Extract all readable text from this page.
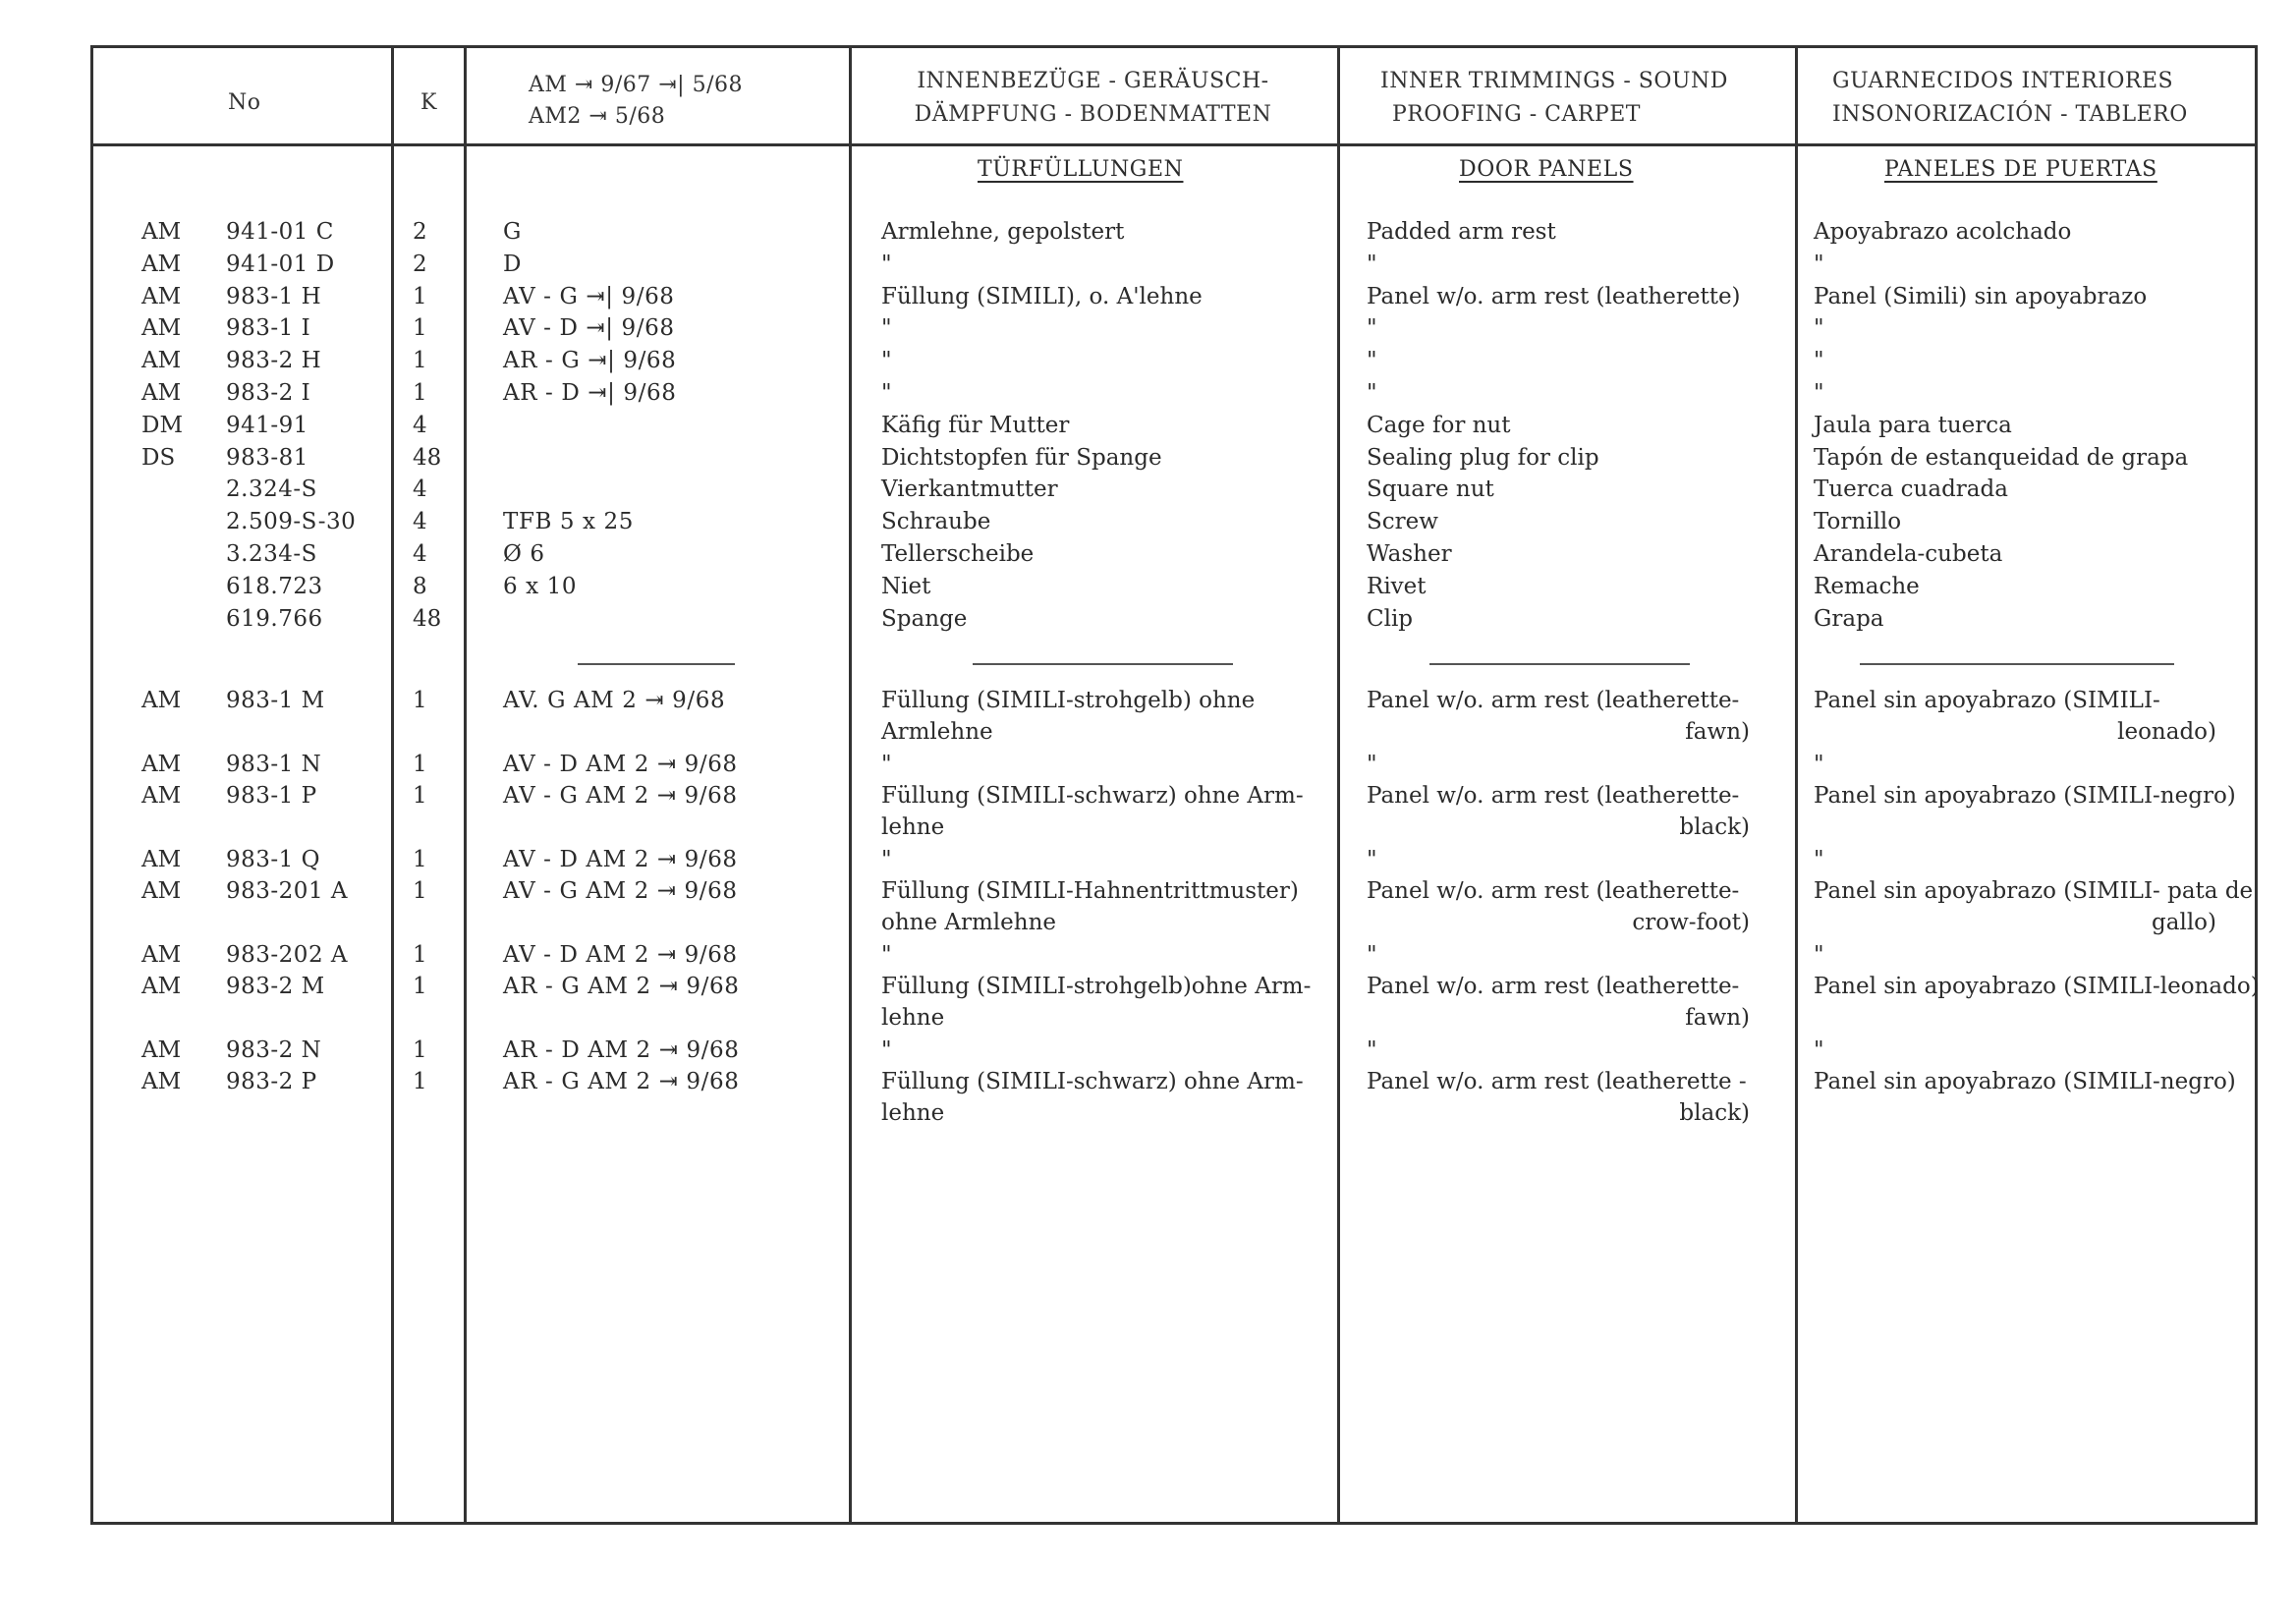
No	K
AM ⇥ 9/67 ⇥| 5/68
AM2 ⇥ 5/68
INNENBEZÜGE - GERÄUSCH-
DÄMPFUNG - BODENMATTEN
INNER TRIMMINGS - SOUND
PROOFING - CARPET
GUARNECIDOS INTERIORES
INSONORIZACIÓN - TABLERO
TÜRFÜLLUNGEN	DOOR PANELS	PANELES DE PUERTAS
AM 941-01 C	2	G	Armlehne, gepolstert	Padded arm rest	Apoyabrazo acolchado
AM 941-01 D	2	D	"	"	"
AM 983-1 H	1	AV - G ⇥| 9/68	Füllung (SIMILI), o. A'lehne	Panel w/o. arm rest (leatherette)	Panel (Simili) sin apoyabrazo
AM 983-1 I	1	AV - D ⇥| 9/68	"	"	"
AM 983-2 H	1	AR - G ⇥| 9/68	"	"	"
AM 983-2 I	1	AR - D ⇥| 9/68	"	"	"
DM 941-91	4	Käfig für Mutter	Cage for nut	Jaula para tuerca
DS 983-81	48	Dichtstopfen für Spange	Sealing plug for clip	Tapón de estanqueidad de grapa
2.324-S	4	Vierkantmutter	Square nut	Tuerca cuadrada
2.509-S-30	4	TFB 5 x 25	Schraube	Screw	Tornillo
3.234-S	4	Ø 6	Tellerscheibe	Washer	Arandela-cubeta
618.723	8	6 x 10	Niet	Rivet	Remache
619.766	48	Spange	Clip	Grapa
AM 983-1 M	1	AV. G AM 2 ⇥ 9/68	Füllung (SIMILI-strohgelb) ohne	Panel w/o. arm rest (leatherette-	Panel sin apoyabrazo (SIMILI-
Armlehne	fawn)	leonado)
AM 983-1 N	1	AV - D AM 2 ⇥ 9/68	"	"	"
AM 983-1 P	1	AV - G AM 2 ⇥ 9/68	Füllung (SIMILI-schwarz) ohne Arm-	Panel w/o. arm rest (leatherette-	Panel sin apoyabrazo (SIMILI-negro)
lehne	black)
AM 983-1 Q	1	AV - D AM 2 ⇥ 9/68	"	"	"
AM 983-201 A	1	AV - G AM 2 ⇥ 9/68	Füllung (SIMILI-Hahnentrittmuster)	Panel w/o. arm rest (leatherette-	Panel sin apoyabrazo (SIMILI- pata de
ohne Armlehne	crow-foot)	gallo)
AM 983-202 A	1	AV - D AM 2 ⇥ 9/68	"	"	"
AM 983-2 M	1	AR - G AM 2 ⇥ 9/68	Füllung (SIMILI-strohgelb)ohne Arm- Panel w/o. arm rest (leatherette-	Panel sin apoyabrazo (SIMILI-leonado)
lehne	fawn)
AM 983-2 N	1	AR - D AM 2 ⇥ 9/68	"	"	"
AM 983-2 P	1	AR - G AM 2 ⇥ 9/68	Füllung (SIMILI-schwarz) ohne Arm-	Panel w/o. arm rest (leatherette -	Panel sin apoyabrazo (SIMILI-negro)
lehne	black)
